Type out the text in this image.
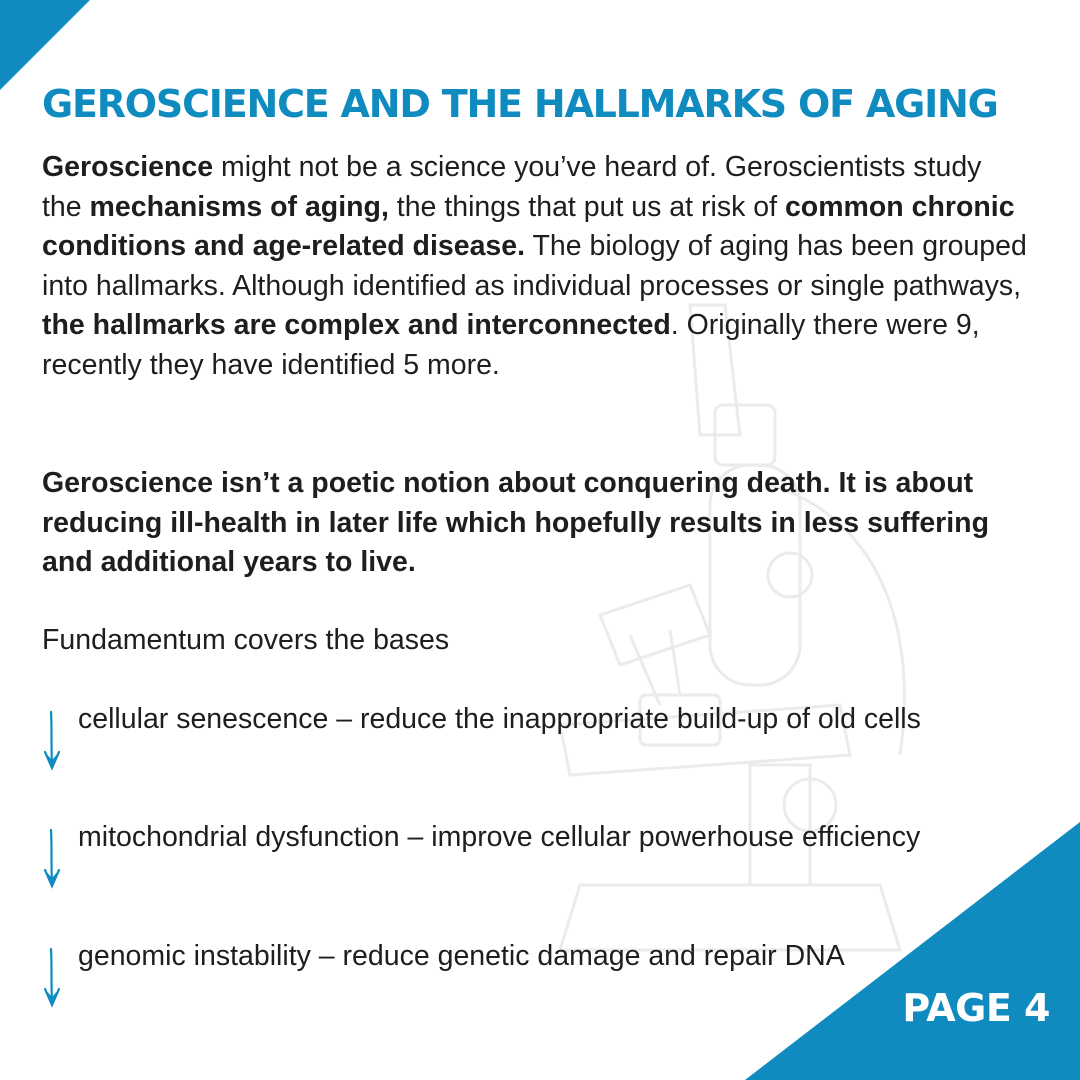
GEROSCIENCE AND THE HALLMARKS OF AGING

Geroscience might not be a science you’ve heard of. Geroscientists study the mechanisms of aging, the things that put us at risk of common chronic conditions and age-related disease. The biology of aging has been grouped into hallmarks. Although identified as individual processes or single pathways, the hallmarks are complex and interconnected. Originally there were 9, recently they have identified 5 more.

Geroscience isn’t a poetic notion about conquering death. It is about reducing ill-health in later life which hopefully results in less suffering and additional years to live.

Fundamentum covers the bases

cellular senescence – reduce the inappropriate build-up of old cells
mitochondrial dysfunction – improve cellular powerhouse efficiency
genomic instability – reduce genetic damage and repair DNA

PAGE 4
